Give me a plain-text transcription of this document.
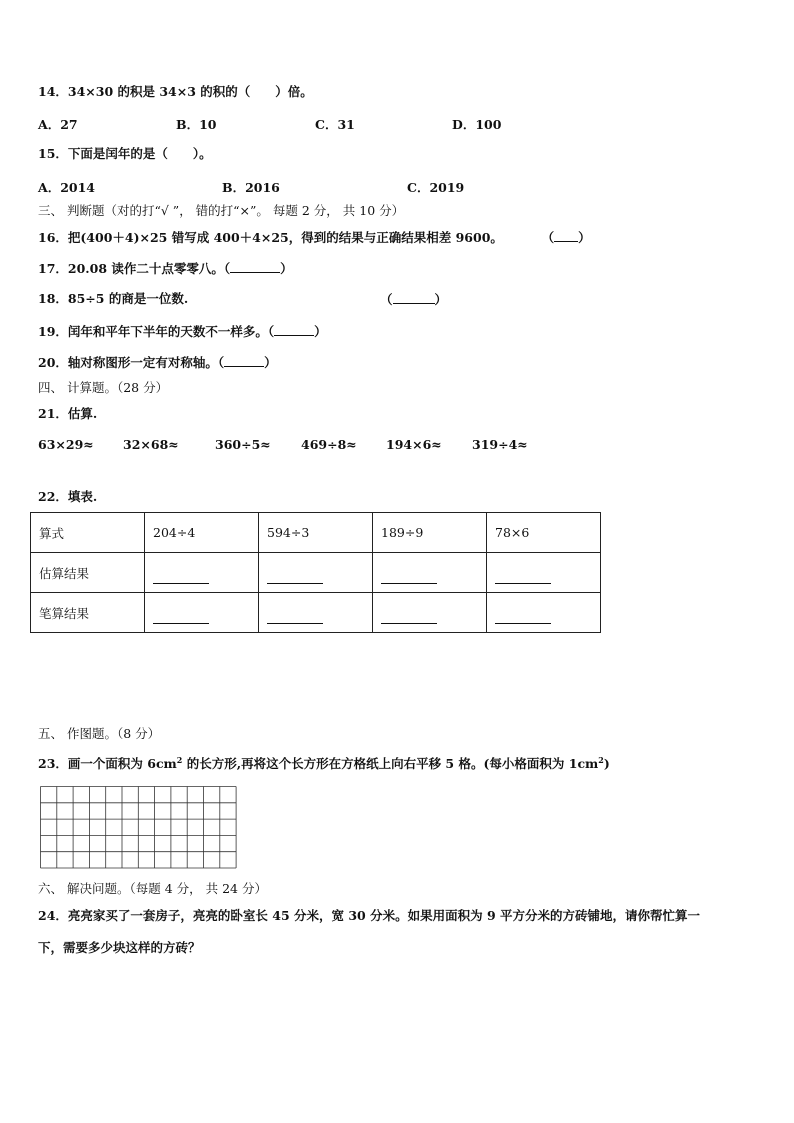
14．34×30 的积是 34×3 的积的（　　）倍。
A．27	B．10	C．31	D．100
15．下面是闰年的是（　　）。
A．2014	B．2016	C．2019
三、 判断题（对的打“√ ”， 错的打“×”。 每题 2 分， 共 10 分）
16．把(400＋4)×25 错写成 400＋4×25，得到的结果与正确结果相差 9600。	（ ）
17．20.08 读作二十点零零八。（	）
18．85÷5 的商是一位数.	（	）
19．闰年和平年下半年的天数不一样多。（	）
20．轴对称图形一定有对称轴。（	）
四、 计算题。（28 分）
21．估算.
63×29≈ 32×68≈	360÷5≈ 469÷8≈ 194×6≈ 319÷4≈
22．填表.
算式	204÷4	594÷3	189÷9	78×6
估算结果				
笔算结果				
五、 作图题。（8 分）
23．画一个面积为 $6cm^2$ 的长方形,再将这个长方形在方格纸上向右平移 5 格。(每小格面积为 $1cm^2$)
六、 解决问题。（每题 4 分， 共 24 分）
24．亮亮家买了一套房子，亮亮的卧室长 45 分米，宽 30 分米。如果用面积为 9 平方分米的方砖铺地，请你帮忙算一
下，需要多少块这样的方砖？
